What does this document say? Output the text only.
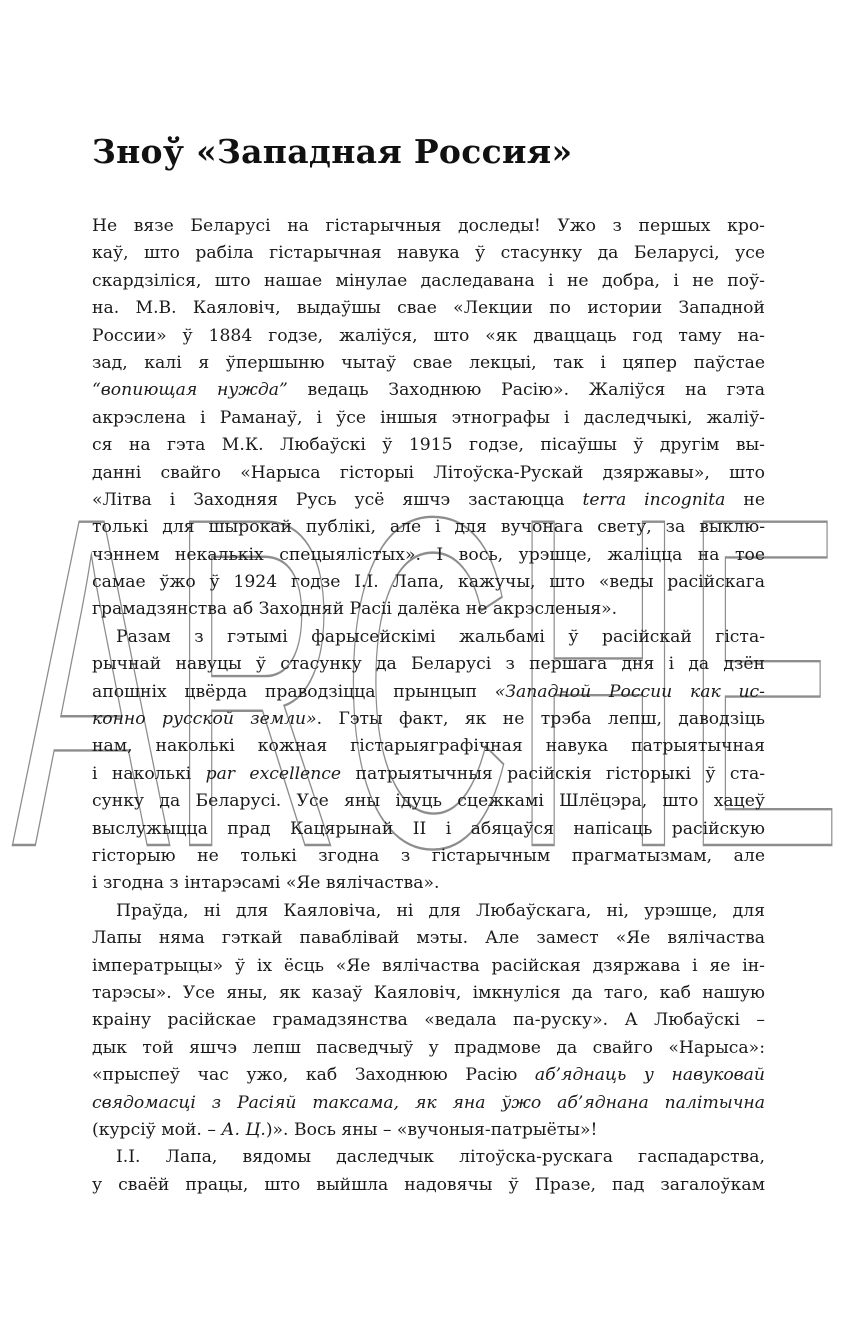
ARCHE
Зноў «Западная Россия»
Не вязе Беларусі на гістарычныя доследы! Ужо з першых кро-
каў, што рабіла гістарычная навука ў стасунку да Беларусі, усе
скардзіліся, што нашае мінулае даследавана і не добра, і не поў-
на. М.В. Каяловіч, выдаўшы свае «Лекции по истории Западной
России» ў 1884 годзе, жаліўся, што «як дваццаць год таму на-
зад, калі я ўпершыню чытаў свае лекцыі, так і цяпер паўстае
“вопиющая нужда” ведаць Заходнюю Расію». Жаліўся на гэта
акрэслена і Раманаў, і ўсе іншыя этнографы і даследчыкі, жаліў-
ся на гэта М.К. Любаўскі ў 1915 годзе, пісаўшы ў другім вы-
данні свайго «Нарыса гісторыі Літоўска-Рускай дзяржавы», што
«Літва і Заходняя Русь усё яшчэ застаюцца terra incognita не
толькі для шырокай публікі, але і для вучонага свету, за выклю-
чэннем некалькіх спецыялістых». І вось, урэшце, жаліцца на тое
самае ўжо ў 1924 годзе І.І. Лапа, кажучы, што «веды расійскага
грамадзянства аб Заходняй Расіі далёка не акрэсленыя».
Разам з гэтымі фарысейскімі жальбамі ў расійскай гіста-
рычнай навуцы ў стасунку да Беларусі з першага дня і да дзён
апошніх цвёрда праводзіцца прынцып «Западной России как ис-
конно русской земли». Гэты факт, як не трэба лепш, даводзіць
нам, наколькі кожная гістарыяграфічная навука патрыятычная
і наколькі par excellence патрыятычныя расійскія гісторыкі ў ста-
сунку да Беларусі. Усе яны ідуць сцежкамі Шлёцэра, што хацеў
выслужыцца прад Кацярынай II і абяцаўся напісаць расійскую
гісторыю не толькі згодна з гістарычным прагматызмам, але
і згодна з інтарэсамі «Яе вялічаства».
Праўда, ні для Каяловіча, ні для Любаўскага, ні, урэшце, для
Лапы няма гэткай паваблівай мэты. Але замест «Яе вялічаства
імператрыцы» ў іх ёсць «Яе вялічаства расійская дзяржава і яе ін-
тарэсы». Усе яны, як казаў Каяловіч, імкнуліся да таго, каб нашую
краіну расійскае грамадзянства «ведала па-руску». А Любаўскі –
дык той яшчэ лепш пасведчыў у прадмове да свайго «Нарыса»:
«прыспеў час ужо, каб Заходнюю Расію аб’яднаць у навуковай
свядомасці з Расіяй таксама, як яна ўжо аб’яднана палітычна
(курсіў мой. – А. Ц.)». Вось яны – «вучоныя-патрыёты»!
І.І. Лапа, вядомы даследчык літоўска-рускага гаспадарства,
у сваёй працы, што выйшла надовячы ў Празе, пад загалоўкам
